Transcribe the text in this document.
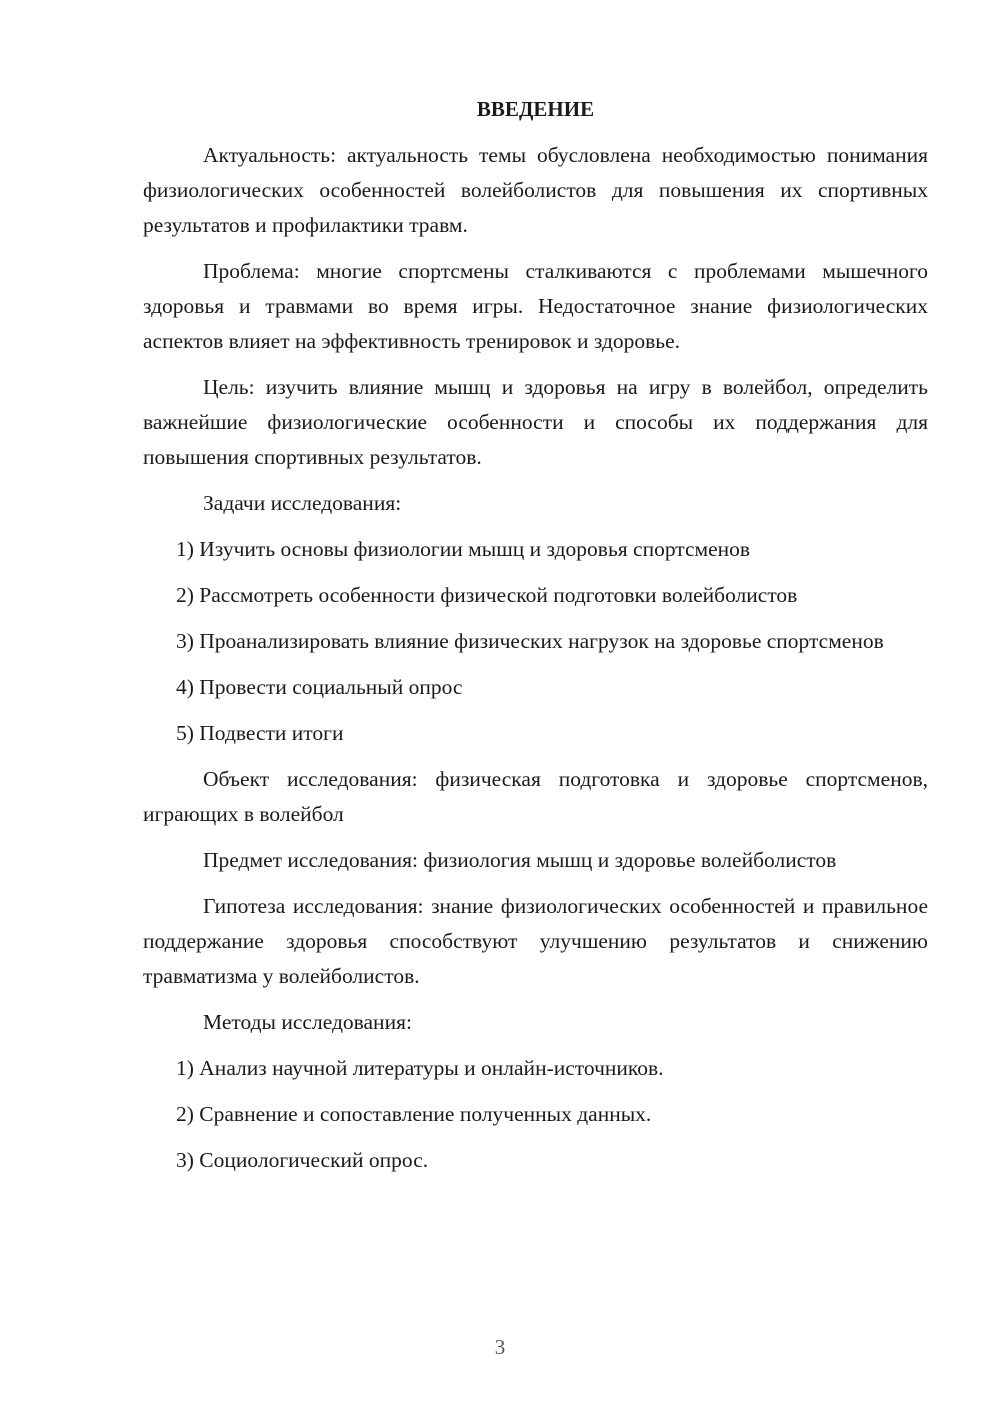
ВВЕДЕНИЕ

Актуальность: актуальность темы обусловлена необходимостью понимания физиологических особенностей волейболистов для повышения их спортивных результатов и профилактики травм.

Проблема: многие спортсмены сталкиваются с проблемами мышечного здоровья и травмами во время игры. Недостаточное знание физиологических аспектов влияет на эффективность тренировок и здоровье.

Цель: изучить влияние мышц и здоровья на игру в волейбол, определить важнейшие физиологические особенности и способы их поддержания для повышения спортивных результатов.

Задачи исследования:

1) Изучить основы физиологии мышц и здоровья спортсменов

2) Рассмотреть особенности физической подготовки волейболистов

3) Проанализировать влияние физических нагрузок на здоровье спортсменов

4) Провести социальный опрос

5) Подвести итоги

Объект исследования: физическая подготовка и здоровье спортсменов, играющих в волейбол

Предмет исследования: физиология мышц и здоровье волейболистов

Гипотеза исследования: знание физиологических особенностей и правильное поддержание здоровья способствуют улучшению результатов и снижению травматизма у волейболистов.

Методы исследования:

1) Анализ научной литературы и онлайн-источников.

2) Сравнение и сопоставление полученных данных.

3) Социологический опрос.

3
